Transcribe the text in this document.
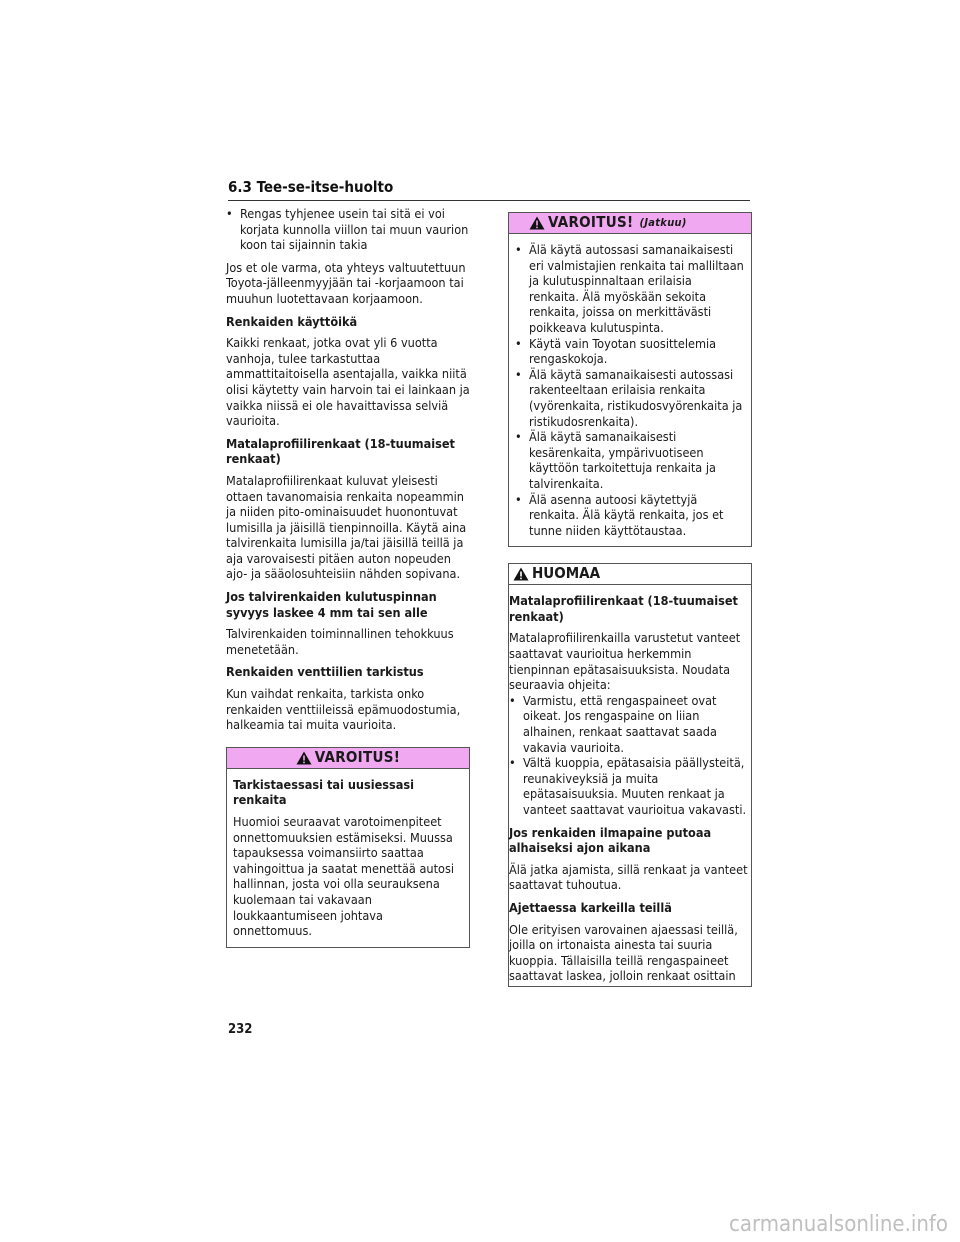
6.3 Tee-se-itse-huolto
• Rengas tyhjenee usein tai sitä ei voi korjata kunnolla viillon tai muun vaurion koon tai sijainnin takia

Jos et ole varma, ota yhteys valtuutettuun Toyota-jälleenmyyjään tai -korjaamoon tai muuhun luotettavaan korjaamoon.

Renkaiden käyttöikä

Kaikki renkaat, jotka ovat yli 6 vuotta vanhoja, tulee tarkastuttaa ammattitaitoisella asentajalla, vaikka niitä olisi käytetty vain harvoin tai ei lainkaan ja vaikka niissä ei ole havaittavissa selviä vaurioita.

Matalaprofiilirenkaat (18-tuumaiset renkaat)

Matalaprofiilirenkaat kuluvat yleisesti ottaen tavanomaisia renkaita nopeammin ja niiden pito-ominaisuudet huonontuvat lumisilla ja jäisillä tienpinnoilla. Käytä aina talvirenkaita lumisilla ja/tai jäisillä teillä ja aja varovaisesti pitäen auton nopeuden ajo- ja sääolosuhteisiin nähden sopivana.

Jos talvirenkaiden kulutuspinnan syvyys laskee 4 mm tai sen alle

Talvirenkaiden toiminnallinen tehokkuus menetetään.

Renkaiden venttiilien tarkistus

Kun vaihdat renkaita, tarkista onko renkaiden venttiileissä epämuodostumia, halkeamia tai muita vaurioita.

VAROITUS!

Tarkistaessasi tai uusiessasi renkaita

Huomioi seuraavat varotoimenpiteet onnettomuuksien estämiseksi. Muussa tapauksessa voimansiirto saattaa vahingoittua ja saatat menettää autosi hallinnan, josta voi olla seurauksena kuolemaan tai vakavaan loukkaantumiseen johtava onnettomuus.

VAROITUS! (Jatkuu)
• Älä käytä autossasi samanaikaisesti eri valmistajien renkaita tai malliltaan ja kulutuspinnaltaan erilaisia renkaita. Älä myöskään sekoita renkaita, joissa on merkittävästi poikkeava kulutuspinta.
• Käytä vain Toyotan suosittelemia rengaskokoja.
• Älä käytä samanaikaisesti autossasi rakenteeltaan erilaisia renkaita (vyörenkaita, ristikudosvyörenkaita ja ristikudosrenkaita).
• Älä käytä samanaikaisesti kesärenkaita, ympärivuotiseen käyttöön tarkoitettuja renkaita ja talvirenkaita.
• Älä asenna autoosi käytettyjä renkaita. Älä käytä renkaita, jos et tunne niiden käyttötaustaa.
HUOMAA

Matalaprofiilirenkaat (18-tuumaiset renkaat)

Matalaprofiilirenkailla varustetut vanteet saattavat vaurioitua herkemmin tienpinnan epätasaisuuksista. Noudata seuraavia ohjeita:

• Varmistu, että rengaspaineet ovat oikeat. Jos rengaspaine on liian alhainen, renkaat saattavat saada vakavia vaurioita.
• Vältä kuoppia, epätasaisia päällysteitä, reunakiveyksiä ja muita epätasaisuuksia. Muuten renkaat ja vanteet saattavat vaurioitua vakavasti.

Jos renkaiden ilmapaine putoaa alhaiseksi ajon aikana

Älä jatka ajamista, sillä renkaat ja vanteet saattavat tuhoutua.

Ajettaessa karkeilla teillä

Ole erityisen varovainen ajaessasi teillä, joilla on irtonaista ainesta tai suuria kuoppia. Tällaisilla teillä rengaspaineet saattavat laskea, jolloin renkaat osittain

232
carmanualsonline.info
